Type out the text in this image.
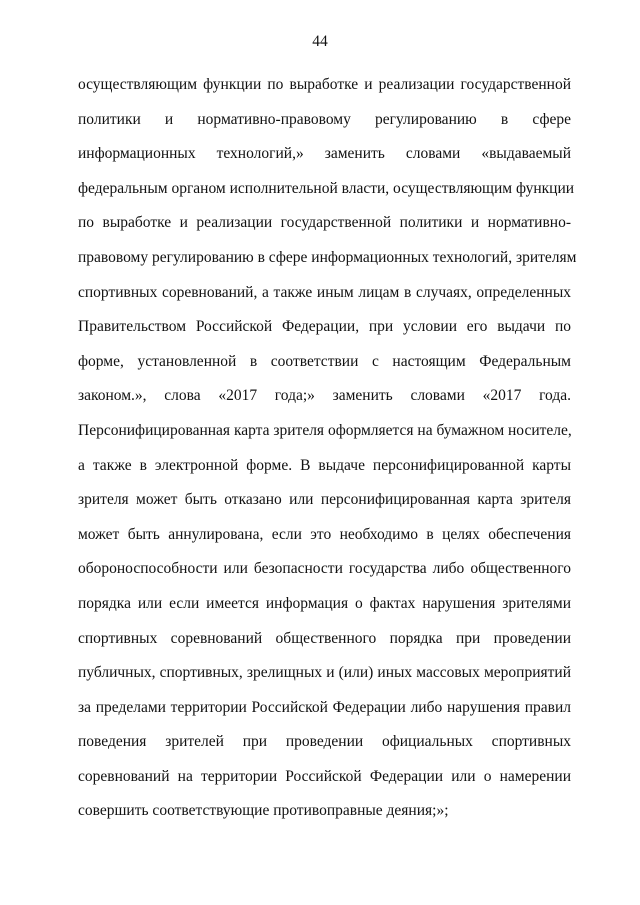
44
осуществляющим функции по выработке и реализации государственной
политики и нормативно-правовому регулированию в сфере
информационных технологий,» заменить словами «выдаваемый
федеральным органом исполнительной власти, осуществляющим функции
по выработке и реализации государственной политики и нормативно-
правовому регулированию в сфере информационных технологий, зрителям
спортивных соревнований, а также иным лицам в случаях, определенных
Правительством Российской Федерации, при условии его выдачи по
форме, установленной в соответствии с настоящим Федеральным
законом.», слова «2017 года;» заменить словами «2017 года.
Персонифицированная карта зрителя оформляется на бумажном носителе,
а также в электронной форме. В выдаче персонифицированной карты
зрителя может быть отказано или персонифицированная карта зрителя
может быть аннулирована, если это необходимо в целях обеспечения
обороноспособности или безопасности государства либо общественного
порядка или если имеется информация о фактах нарушения зрителями
спортивных соревнований общественного порядка при проведении
публичных, спортивных, зрелищных и (или) иных массовых мероприятий
за пределами территории Российской Федерации либо нарушения правил
поведения зрителей при проведении официальных спортивных
соревнований на территории Российской Федерации или о намерении
совершить соответствующие противоправные деяния;»;
